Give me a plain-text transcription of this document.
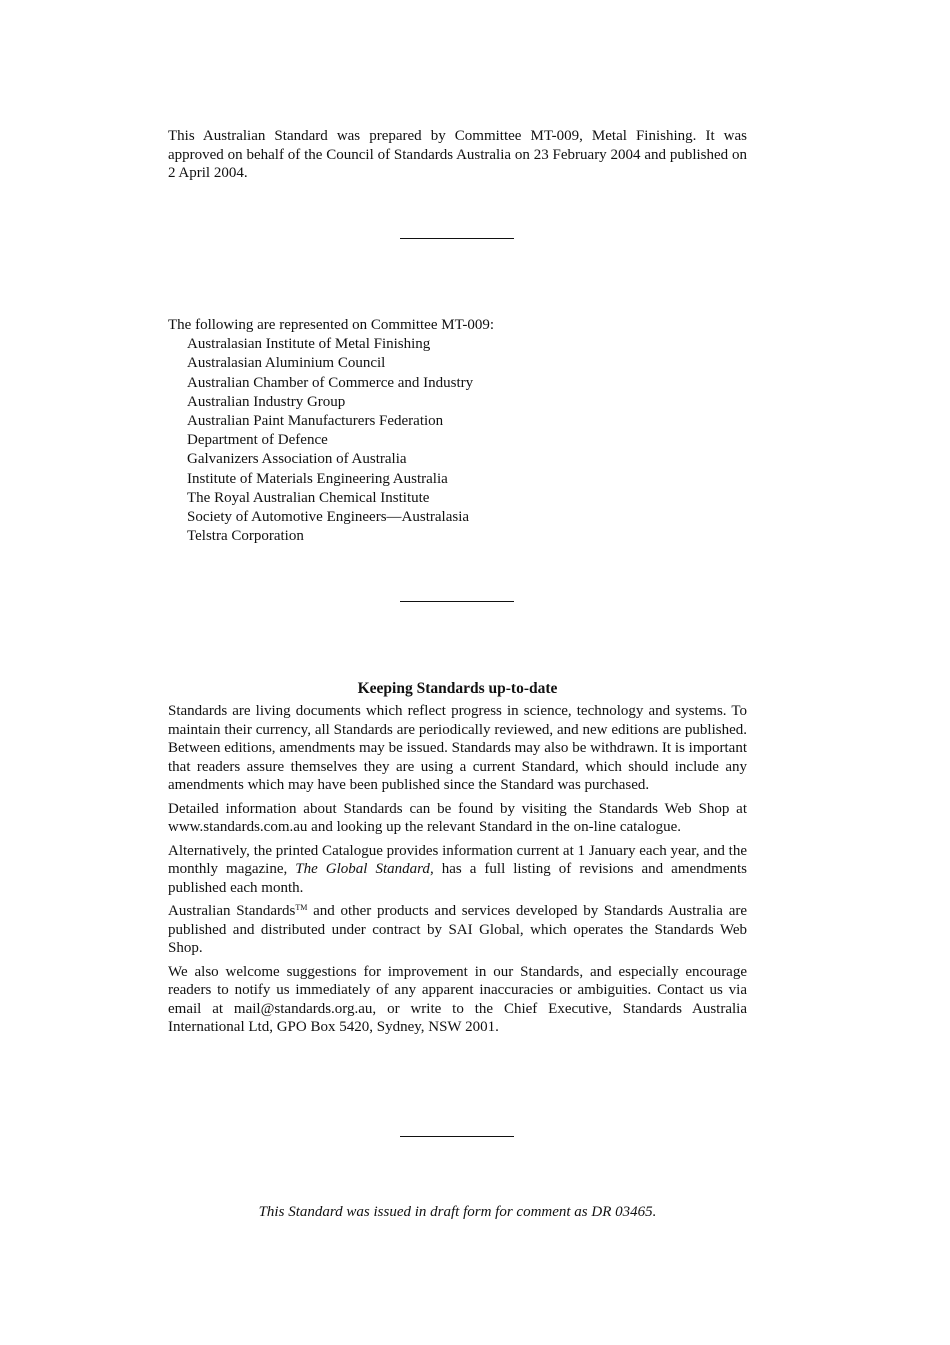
This Australian Standard was prepared by Committee MT-009, Metal Finishing. It was approved on behalf of the Council of Standards Australia on 23 February 2004 and published on 2 April 2004.
The following are represented on Committee MT-009:
Australasian Institute of Metal Finishing
Australasian Aluminium Council
Australian Chamber of Commerce and Industry
Australian Industry Group
Australian Paint Manufacturers Federation
Department of Defence
Galvanizers Association of Australia
Institute of Materials Engineering Australia
The Royal Australian Chemical Institute
Society of Automotive Engineers—Australasia
Telstra Corporation
Keeping Standards up-to-date

Standards are living documents which reflect progress in science, technology and systems. To maintain their currency, all Standards are periodically reviewed, and new editions are published. Between editions, amendments may be issued. Standards may also be withdrawn. It is important that readers assure themselves they are using a current Standard, which should include any amendments which may have been published since the Standard was purchased.

Detailed information about Standards can be found by visiting the Standards Web Shop at www.standards.com.au and looking up the relevant Standard in the on-line catalogue.

Alternatively, the printed Catalogue provides information current at 1 January each year, and the monthly magazine, The Global Standard, has a full listing of revisions and amendments published each month.

Australian Standards™ and other products and services developed by Standards Australia are published and distributed under contract by SAI Global, which operates the Standards Web Shop.

We also welcome suggestions for improvement in our Standards, and especially encourage readers to notify us immediately of any apparent inaccuracies or ambiguities. Contact us via email at mail@standards.org.au, or write to the Chief Executive, Standards Australia International Ltd, GPO Box 5420, Sydney, NSW 2001.

This Standard was issued in draft form for comment as DR 03465.
